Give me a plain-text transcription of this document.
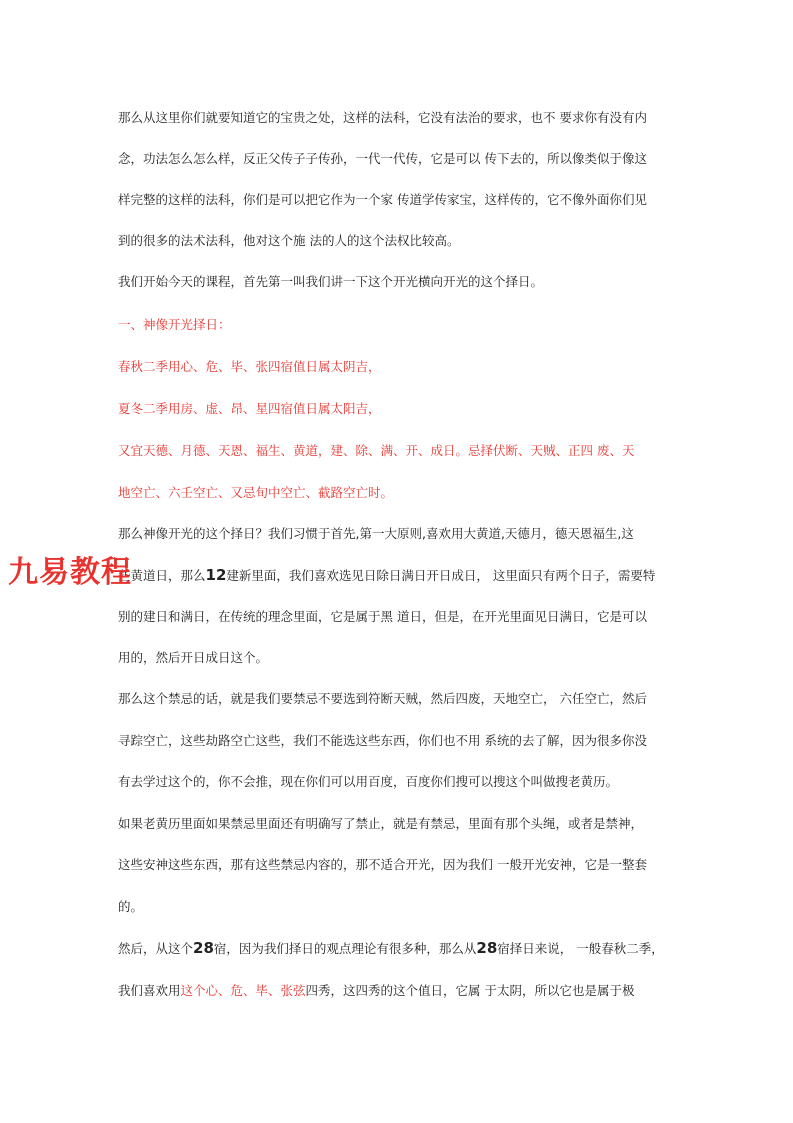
那么从这里你们就要知道它的宝贵之处，这样的法科，它没有法治的要求，也不 要求你有没有内
念，功法怎么怎么样，反正父传子子传孙，一代一代传，它是可以 传下去的，所以像类似于像这
样完整的这样的法科，你们是可以把它作为一个家 传道学传家宝，这样传的，它不像外面你们见
到的很多的法术法科，他对这个施 法的人的这个法权比较高。
我们开始今天的课程，首先第一叫我们讲一下这个开光横向开光的这个择日。
一、神像开光择日：
春秋二季用心、危、毕、张四宿值日属太阴吉，
夏冬二季用房、虚、昂、星四宿值日属太阳吉，
又宜天德、月德、天恩、福生、黄道，建、除、满、开、成日。忌择伏断、天贼、正四 废、天
地空亡、六壬空亡、又忌旬中空亡、截路空亡时。
那么神像开光的这个择日？我们习惯于首先,第一大原则,喜欢用大黄道,天德月，德天恩福生,这
些黄道日，那么12建新里面，我们喜欢选见日除日满日开日成日， 这里面只有两个日子，需要特
别的建日和满日，在传统的理念里面，它是属于黑 道日，但是，在开光里面见日满日，它是可以
用的，然后开日成日这个。
那么这个禁忌的话，就是我们要禁忌不要选到符断天贼，然后四废，天地空亡， 六任空亡，然后
寻踪空亡，这些劫路空亡这些，我们不能选这些东西，你们也不用 系统的去了解，因为很多你没
有去学过这个的，你不会推，现在你们可以用百度，百度你们搜可以搜这个叫做搜老黄历。
如果老黄历里面如果禁忌里面还有明确写了禁止，就是有禁忌，里面有那个头绳，或者是禁神，
这些安神这些东西，那有这些禁忌内容的，那不适合开光，因为我们 一般开光安神，它是一整套
的。
然后，从这个28宿，因为我们择日的观点理论有很多种，那么从28宿择日来说， 一般春秋二季，
我们喜欢用这个心、危、毕、张弦四秀，这四秀的这个值日，它属 于太阴，所以它也是属于极
九易教程
